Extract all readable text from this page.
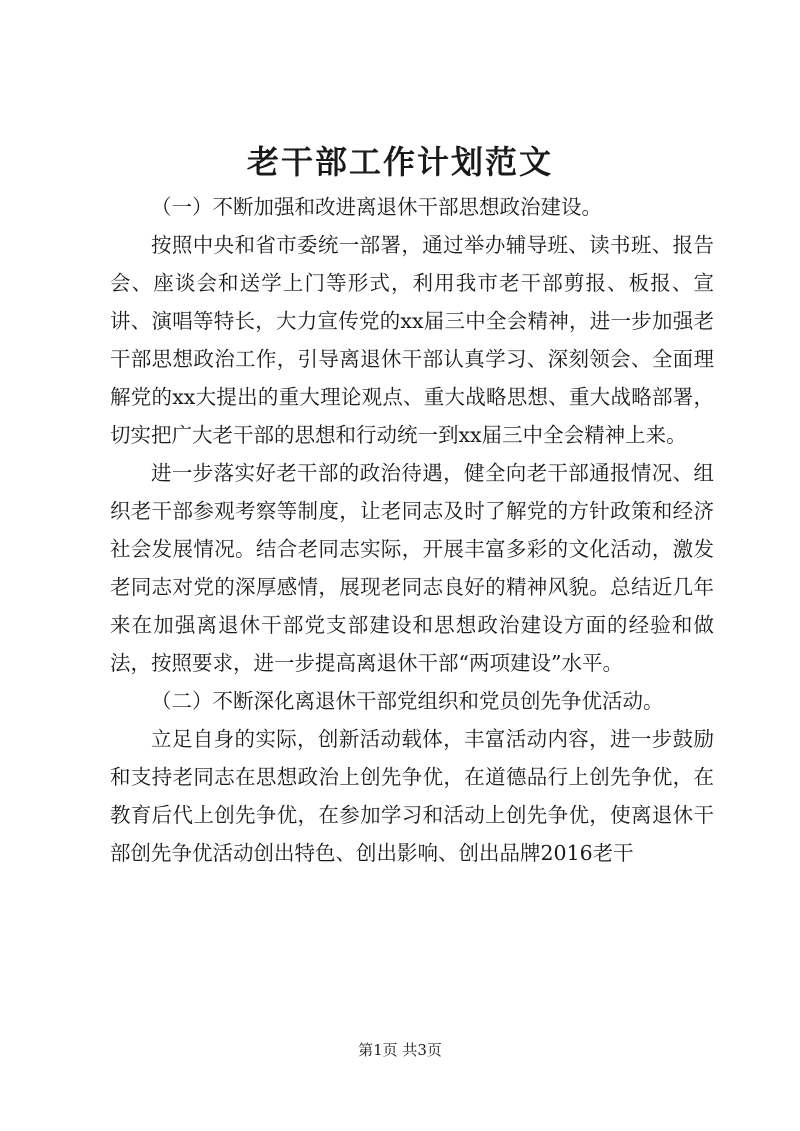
老干部工作计划范文

（一）不断加强和改进离退休干部思想政治建设。

按照中央和省市委统一部署，通过举办辅导班、读书班、报告会、座谈会和送学上门等形式，利用我市老干部剪报、板报、宣讲、演唱等特长，大力宣传党的xx届三中全会精神，进一步加强老干部思想政治工作，引导离退休干部认真学习、深刻领会、全面理解党的xx大提出的重大理论观点、重大战略思想、重大战略部署，切实把广大老干部的思想和行动统一到xx届三中全会精神上来。

进一步落实好老干部的政治待遇，健全向老干部通报情况、组织老干部参观考察等制度，让老同志及时了解党的方针政策和经济社会发展情况。结合老同志实际，开展丰富多彩的文化活动，激发老同志对党的深厚感情，展现老同志良好的精神风貌。总结近几年来在加强离退休干部党支部建设和思想政治建设方面的经验和做法，按照要求，进一步提高离退休干部“两项建设”水平。

（二）不断深化离退休干部党组织和党员创先争优活动。

立足自身的实际，创新活动载体，丰富活动内容，进一步鼓励和支持老同志在思想政治上创先争优，在道德品行上创先争优，在教育后代上创先争优，在参加学习和活动上创先争优，使离退休干部创先争优活动创出特色、创出影响、创出品牌2016老干

第1页 共3页
